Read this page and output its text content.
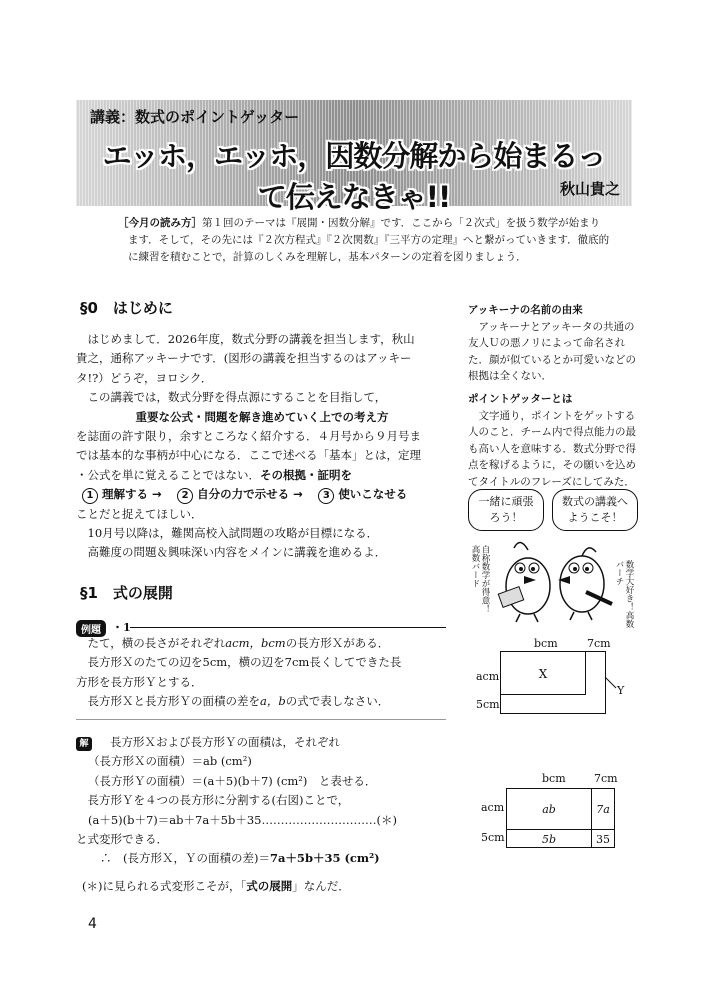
講義：数式のポイントゲッター
エッホ，エッホ，因数分解から始まるって伝えなきゃ!!	秋山貴之
［今月の読み方］第１回のテーマは『展開・因数分解』です．ここから「２次式」を扱う数学が始まり
ます．そして，その先には『２次方程式』『２次関数』『三平方の定理』へと繋がっていきます．徹底的
に練習を積むことで，計算のしくみを理解し，基本パターンの定着を図りましょう．
§0　はじめに

　はじめまして．2026年度，数式分野の講義を担当します，秋山

貴之，通称アッキーナです．(図形の講義を担当するのはアッキー

タ!?）どうぞ，ヨロシク．

　この講義では，数式分野を得点源にすることを目指して，

重要な公式・問題を解き進めていく上での考え方

を誌面の許す限り，余すところなく紹介する．４月号から９月号ま

では基本的な事柄が中心になる．ここで述べる「基本」とは，定理

・公式を単に覚えることではない．その根拠・証明を

1 理解する →　 2 自分の力で示せる →　 3 使いこなせる

ことだと捉えてほしい．

　10月号以降は，難関高校入試問題の攻略が目標になる．

　高難度の問題＆興味深い内容をメインに講義を進めるよ．

§1　式の展開
例題	・1

　たて，横の長さがそれぞれacm，bcmの長方形Ｘがある．

　長方形Ｘのたての辺を5cm，横の辺を7cm長くしてできた長

方形を長方形Ｙとする．

　長方形Ｘと長方形Ｙの面積の差をa，bの式で表しなさい．

解	長方形Ｘおよび長方形Ｙの面積は，それぞれ

（長方形Ｘの面積）＝ab (cm²)

（長方形Ｙの面積）＝(a＋5)(b＋7) (cm²)　と表せる．

　長方形Ｙを４つの長方形に分割する(右図)ことで，

(a＋5)(b＋7)＝ab＋7a＋5b＋35…………………………(＊)

と式変形できる．

∴　(長方形Ｘ，Ｙの面積の差)＝7a＋5b＋35 (cm²)

(＊)に見られる式変形こそが，「式の展開」なんだ．

アッキーナの名前の由来

アッキーナとアッキータの共通の友人Ｕの悪ノリによって命名された．顔が似ているとか可愛いなどの根拠は全くない．

ポイントゲッターとは

文字通り，ポイントをゲットする人のこと．チーム内で得点能力の最も高い人を意味する．数式分野で得点を稼げるように，その願いを込めてタイトルのフレーズにしてみた．

一緒に頑張ろう！
数式の講義へようこそ！
自称数学が得意！高数バード	数学大好き！高数バーチ
bcm	7cm
acm
5cm
X
Y
bcm	7cm
acm
5cm
ab	7a
5b	35
4
